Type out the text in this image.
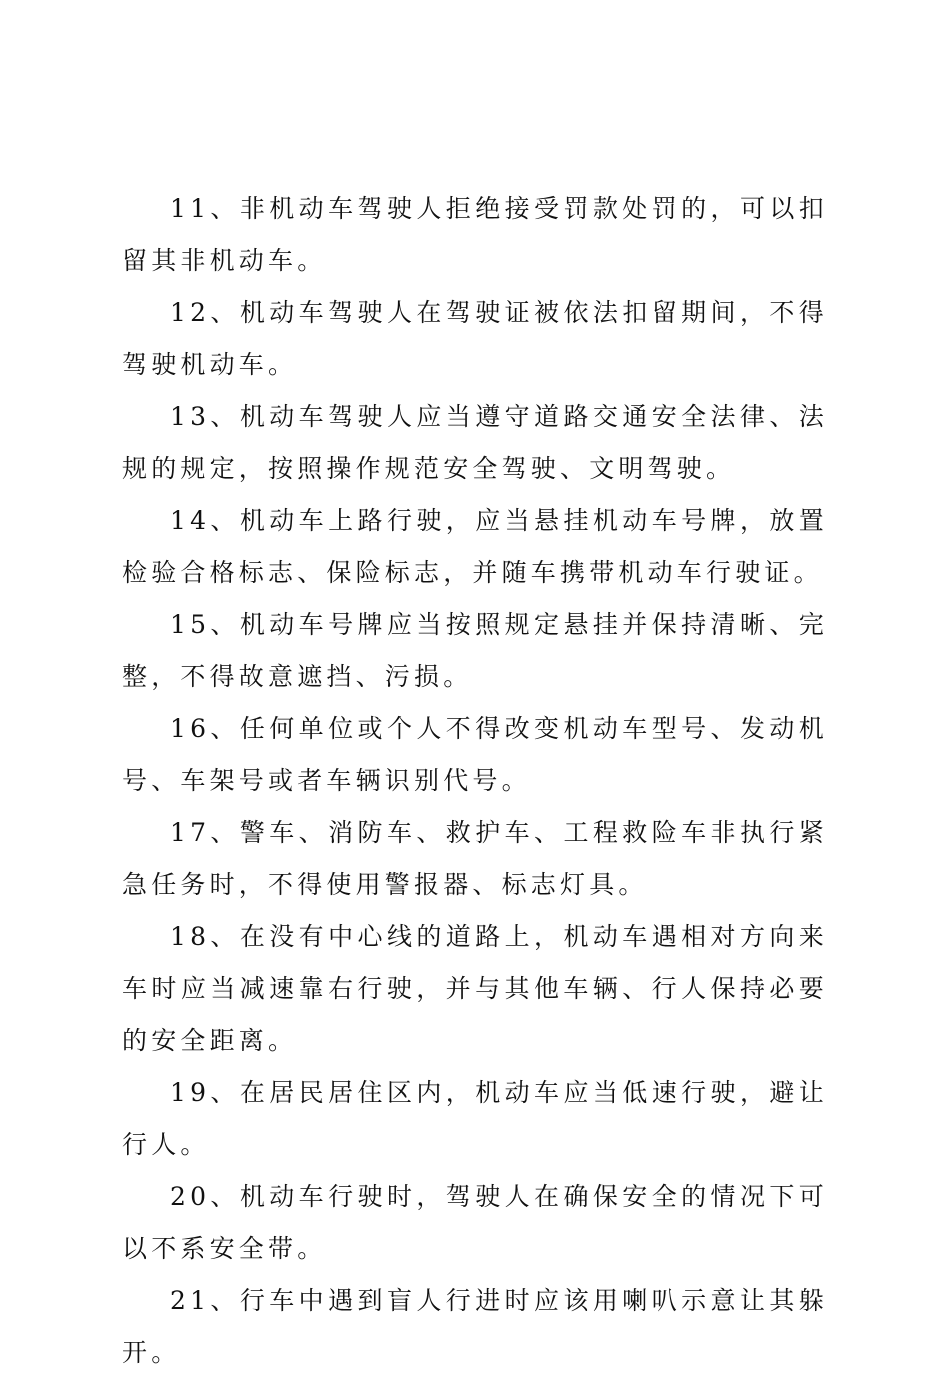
11、非机动车驾驶人拒绝接受罚款处罚的，可以扣留其非机动车。

12、机动车驾驶人在驾驶证被依法扣留期间，不得驾驶机动车。

13、机动车驾驶人应当遵守道路交通安全法律、法规的规定，按照操作规范安全驾驶、文明驾驶。

14、机动车上路行驶，应当悬挂机动车号牌，放置检验合格标志、保险标志，并随车携带机动车行驶证。

15、机动车号牌应当按照规定悬挂并保持清晰、完整，不得故意遮挡、污损。

16、任何单位或个人不得改变机动车型号、发动机号、车架号或者车辆识别代号。

17、警车、消防车、救护车、工程救险车非执行紧急任务时，不得使用警报器、标志灯具。

18、在没有中心线的道路上，机动车遇相对方向来车时应当减速靠右行驶，并与其他车辆、行人保持必要的安全距离。

19、在居民居住区内，机动车应当低速行驶，避让行人。

20、机动车行驶时，驾驶人在确保安全的情况下可以不系安全带。

21、行车中遇到盲人行进时应该用喇叭示意让其躲开。
